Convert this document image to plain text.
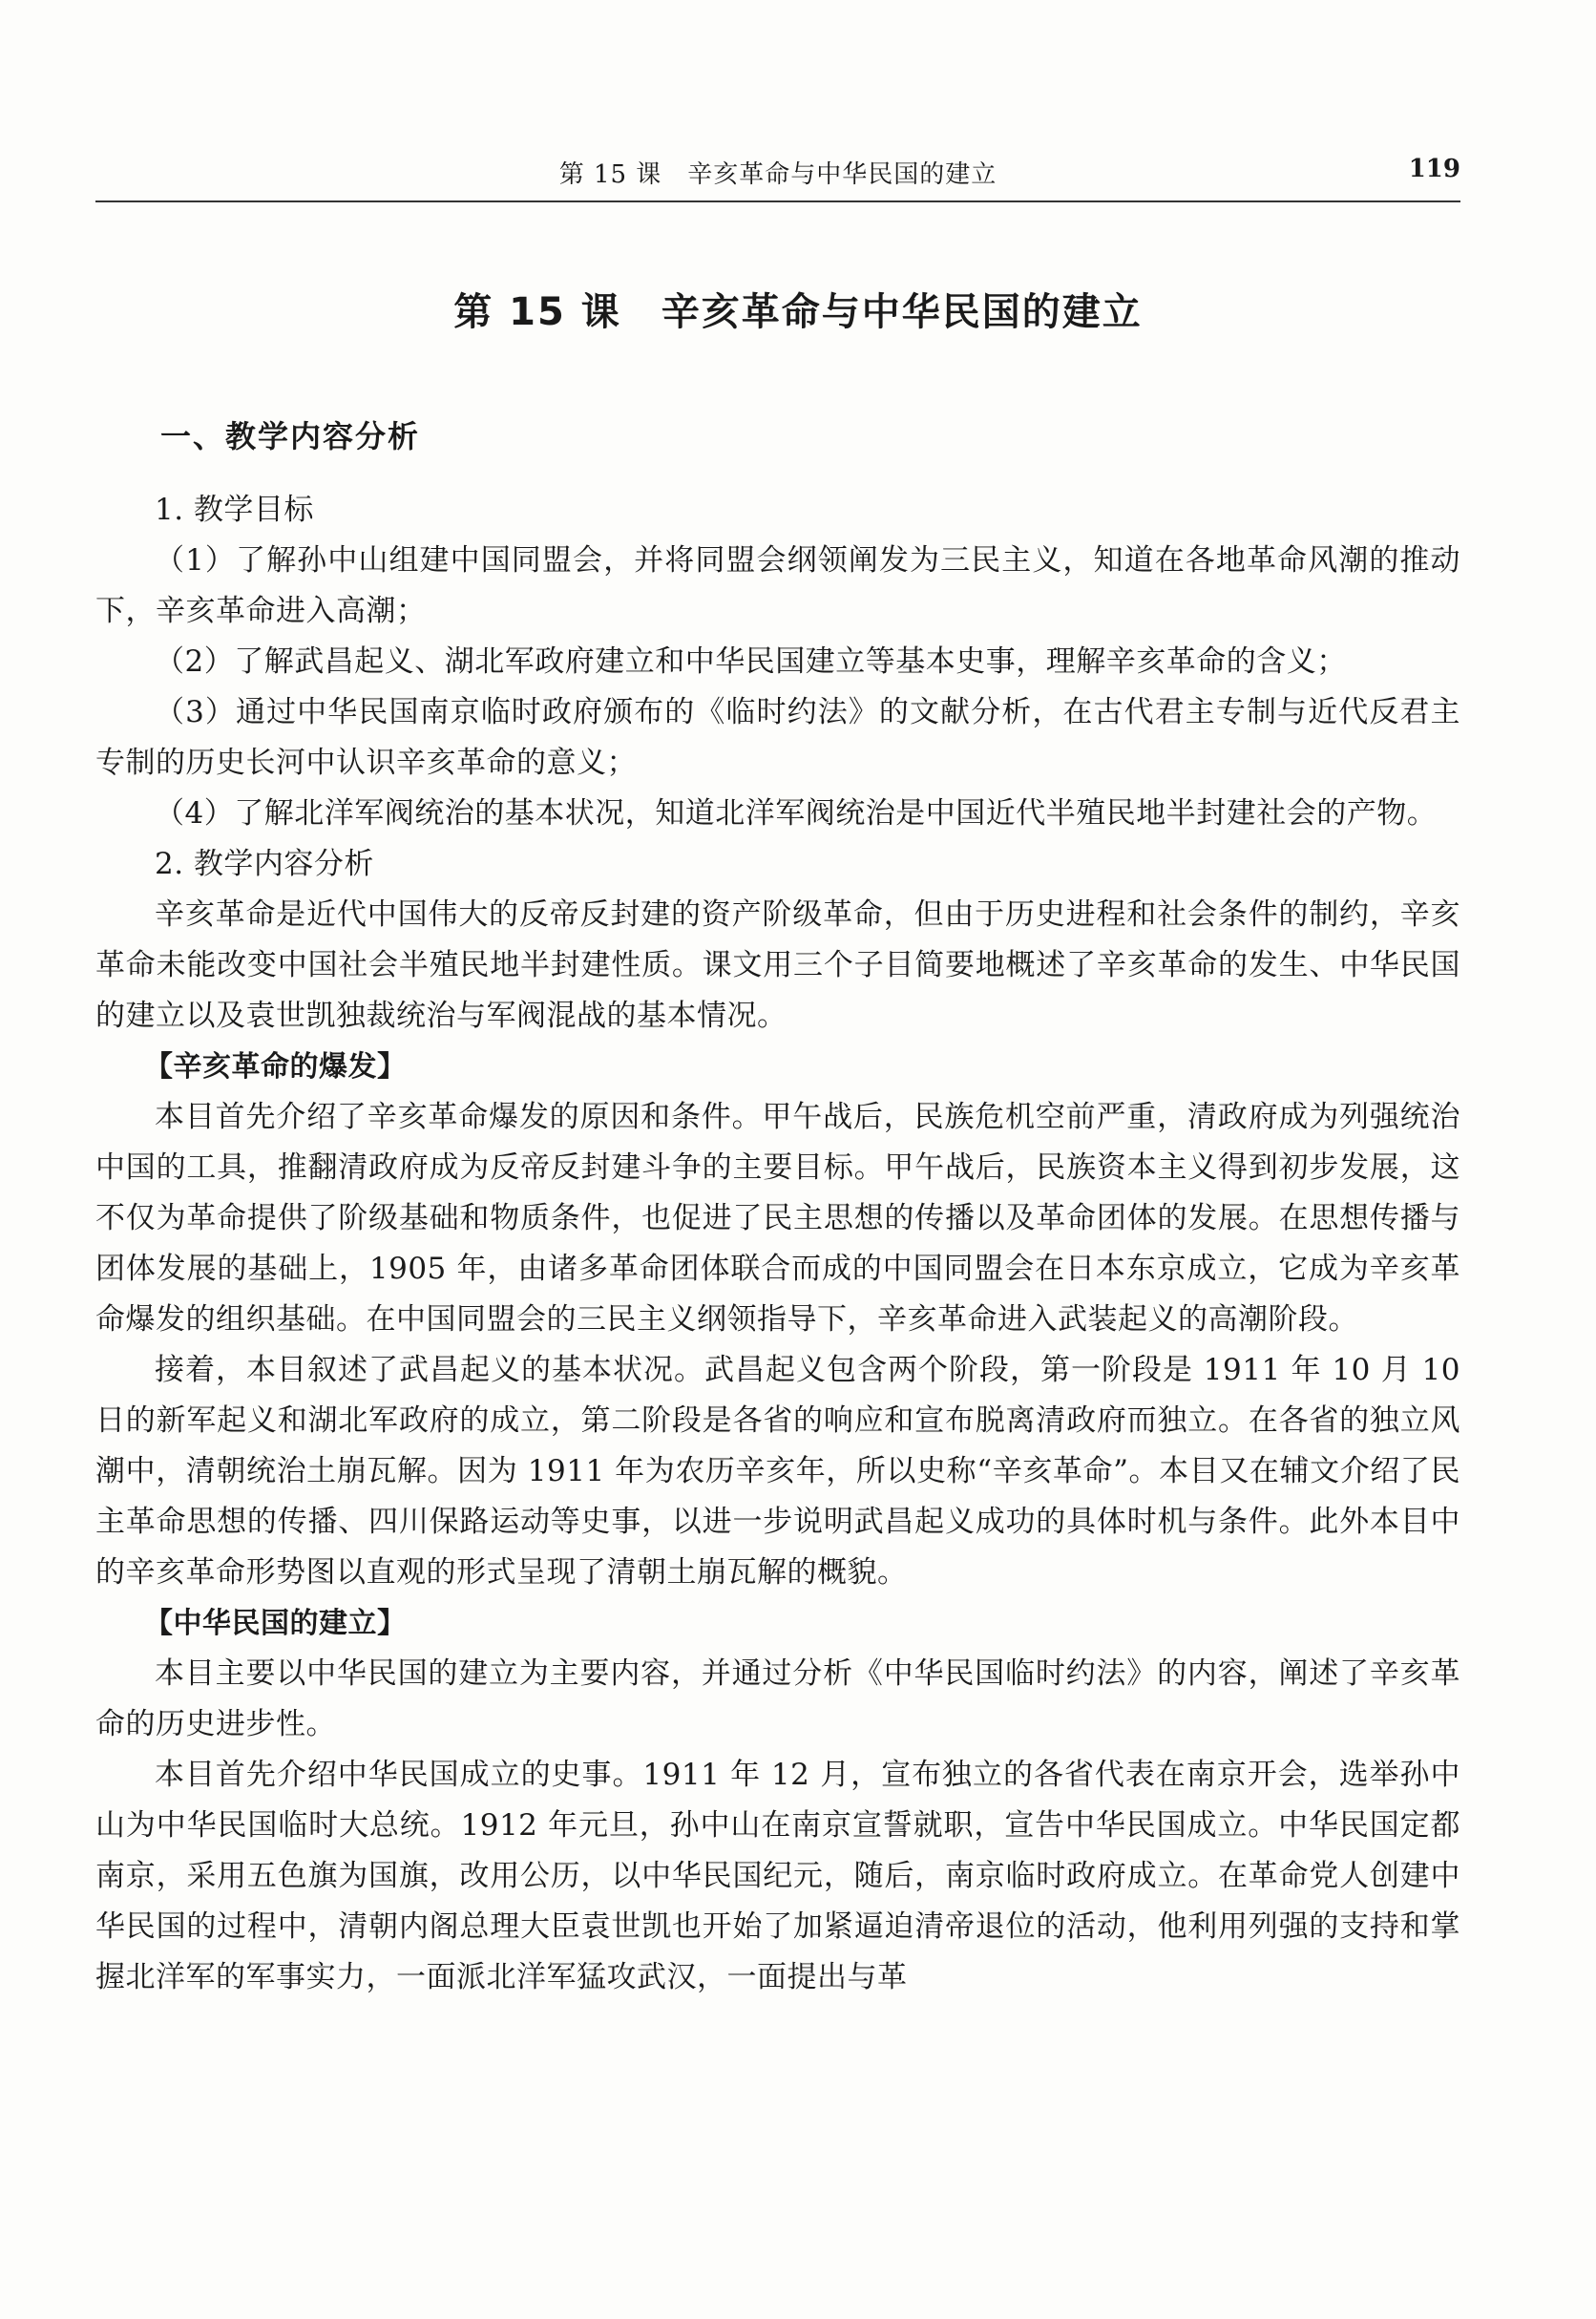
第 15 课　辛亥革命与中华民国的建立	119
第 15 课　辛亥革命与中华民国的建立
一、教学内容分析

1. 教学目标

（1）了解孙中山组建中国同盟会，并将同盟会纲领阐发为三民主义，知道在各地革命风潮的推动下，辛亥革命进入高潮；

（2）了解武昌起义、湖北军政府建立和中华民国建立等基本史事，理解辛亥革命的含义；

（3）通过中华民国南京临时政府颁布的《临时约法》的文献分析，在古代君主专制与近代反君主专制的历史长河中认识辛亥革命的意义；

（4）了解北洋军阀统治的基本状况，知道北洋军阀统治是中国近代半殖民地半封建社会的产物。

2. 教学内容分析

辛亥革命是近代中国伟大的反帝反封建的资产阶级革命，但由于历史进程和社会条件的制约，辛亥革命未能改变中国社会半殖民地半封建性质。课文用三个子目简要地概述了辛亥革命的发生、中华民国的建立以及袁世凯独裁统治与军阀混战的基本情况。

【辛亥革命的爆发】

本目首先介绍了辛亥革命爆发的原因和条件。甲午战后，民族危机空前严重，清政府成为列强统治中国的工具，推翻清政府成为反帝反封建斗争的主要目标。甲午战后，民族资本主义得到初步发展，这不仅为革命提供了阶级基础和物质条件，也促进了民主思想的传播以及革命团体的发展。在思想传播与团体发展的基础上，1905 年，由诸多革命团体联合而成的中国同盟会在日本东京成立，它成为辛亥革命爆发的组织基础。在中国同盟会的三民主义纲领指导下，辛亥革命进入武装起义的高潮阶段。

接着，本目叙述了武昌起义的基本状况。武昌起义包含两个阶段，第一阶段是 1911 年 10 月 10 日的新军起义和湖北军政府的成立，第二阶段是各省的响应和宣布脱离清政府而独立。在各省的独立风潮中，清朝统治土崩瓦解。因为 1911 年为农历辛亥年，所以史称“辛亥革命”。本目又在辅文介绍了民主革命思想的传播、四川保路运动等史事，以进一步说明武昌起义成功的具体时机与条件。此外本目中的辛亥革命形势图以直观的形式呈现了清朝土崩瓦解的概貌。

【中华民国的建立】

本目主要以中华民国的建立为主要内容，并通过分析《中华民国临时约法》的内容，阐述了辛亥革命的历史进步性。

本目首先介绍中华民国成立的史事。1911 年 12 月，宣布独立的各省代表在南京开会，选举孙中山为中华民国临时大总统。1912 年元旦，孙中山在南京宣誓就职，宣告中华民国成立。中华民国定都南京，采用五色旗为国旗，改用公历，以中华民国纪元，随后，南京临时政府成立。在革命党人创建中华民国的过程中，清朝内阁总理大臣袁世凯也开始了加紧逼迫清帝退位的活动，他利用列强的支持和掌握北洋军的军事实力，一面派北洋军猛攻武汉，一面提出与革
